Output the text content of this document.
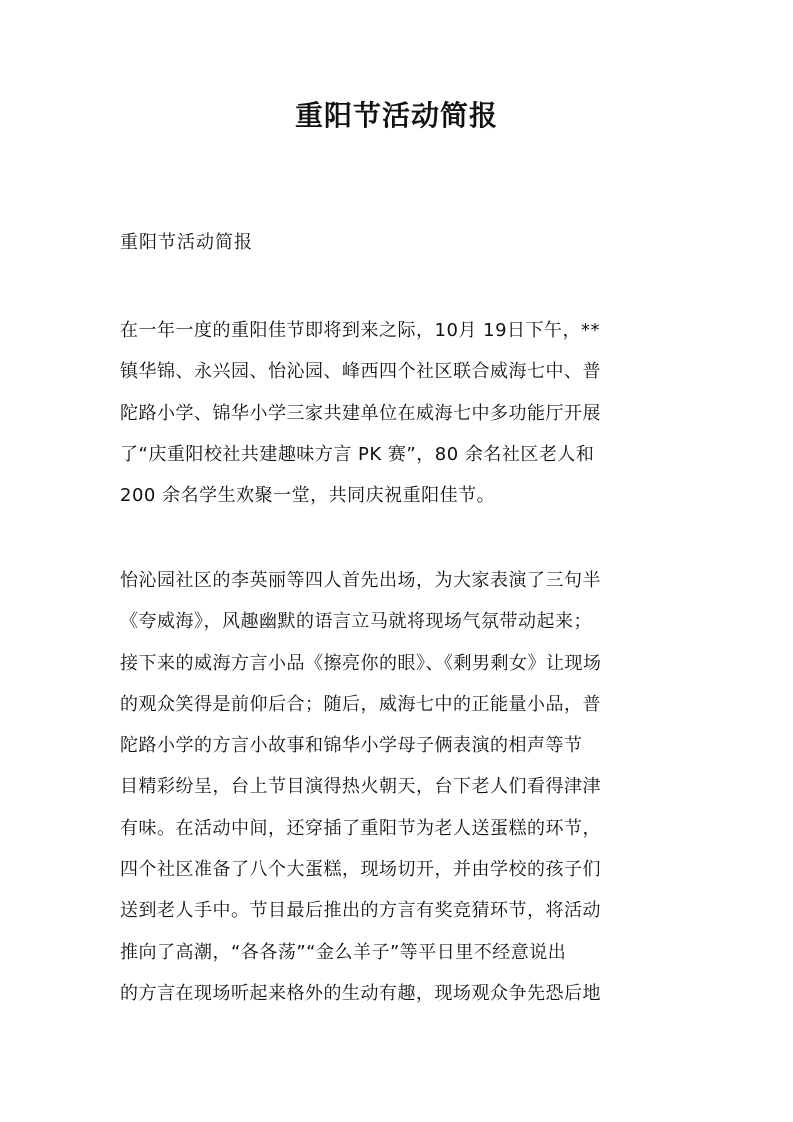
重阳节活动简报
重阳节活动简报
在一年一度的重阳佳节即将到来之际，10月 19日下午，**
镇华锦、永兴园、怡沁园、峰西四个社区联合威海七中、普
陀路小学、锦华小学三家共建单位在威海七中多功能厅开展
了“庆重阳校社共建趣味方言 PK 赛”，80 余名社区老人和
200 余名学生欢聚一堂，共同庆祝重阳佳节。
怡沁园社区的李英丽等四人首先出场，为大家表演了三句半
《夸威海》，风趣幽默的语言立马就将现场气氛带动起来；
接下来的威海方言小品《擦亮你的眼》、《剩男剩女》让现场
的观众笑得是前仰后合；随后，威海七中的正能量小品，普
陀路小学的方言小故事和锦华小学母子俩表演的相声等节
目精彩纷呈，台上节目演得热火朝天，台下老人们看得津津
有味。在活动中间，还穿插了重阳节为老人送蛋糕的环节，
四个社区准备了八个大蛋糕，现场切开，并由学校的孩子们
送到老人手中。节目最后推出的方言有奖竞猜环节，将活动
推向了高潮，“各各荡”“金么羊子”等平日里不经意说出
的方言在现场听起来格外的生动有趣，现场观众争先恐后地
